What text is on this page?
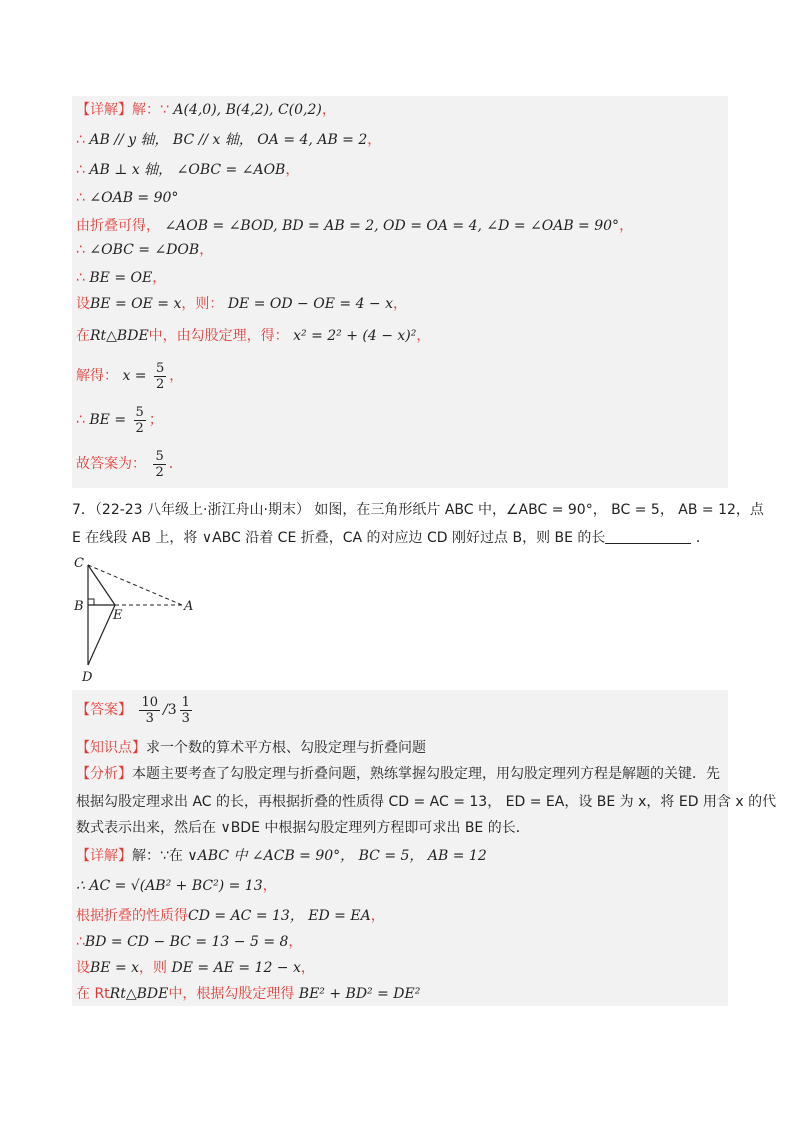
【详解】解：∵ A(4,0), B(4,2), C(0,2)，
∴ AB // y 轴， BC // x 轴， OA = 4, AB = 2，
∴ AB ⊥ x 轴， ∠OBC = ∠AOB，
∴ ∠OAB = 90°
由折叠可得， ∠AOB = ∠BOD, BD = AB = 2, OD = OA = 4, ∠D = ∠OAB = 90°，
∴ ∠OBC = ∠DOB，
∴ BE = OE，
设BE = OE = x，则： DE = OD − OE = 4 − x，
在Rt△BDE中，由勾股定理，得： x² = 2² + (4 − x)²，
解得： $x = \frac{5}{2}$ ，
∴ BE = $\frac{5}{2}$ ；
故答案为： $\frac{5}{2}$ ．
7．（22-23 八年级上·浙江舟山·期末） 如图，在三角形纸片 ABC 中，∠ABC = 90°， BC = 5， AB = 12，点
E 在线段 AB 上，将 ∨ABC 沿着 CE 折叠，CA 的对应边 CD 刚好过点 B，则 BE 的长	．
C
B
E
A
D
【答案】 $\frac{10}{3} /3 \frac{1}{3}$
【知识点】求一个数的算术平方根、勾股定理与折叠问题
【分析】本题主要考查了勾股定理与折叠问题，熟练掌握勾股定理，用勾股定理列方程是解题的关键．先
根据勾股定理求出 AC 的长，再根据折叠的性质得 CD = AC = 13， ED = EA，设 BE 为 x，将 ED 用含 x 的代
数式表示出来，然后在 ∨BDE 中根据勾股定理列方程即可求出 BE 的长．
【详解】解：∵在 ∨ABC 中 ∠ACB = 90°， BC = 5， AB = 12
∴ AC = √(AB² + BC²) = 13，
根据折叠的性质得CD = AC = 13， ED = EA，
∴BD = CD − BC = 13 − 5 = 8，
设BE = x，则 DE = AE = 12 − x，
在 RtRt△BDE中，根据勾股定理得 BE² + BD² = DE²
